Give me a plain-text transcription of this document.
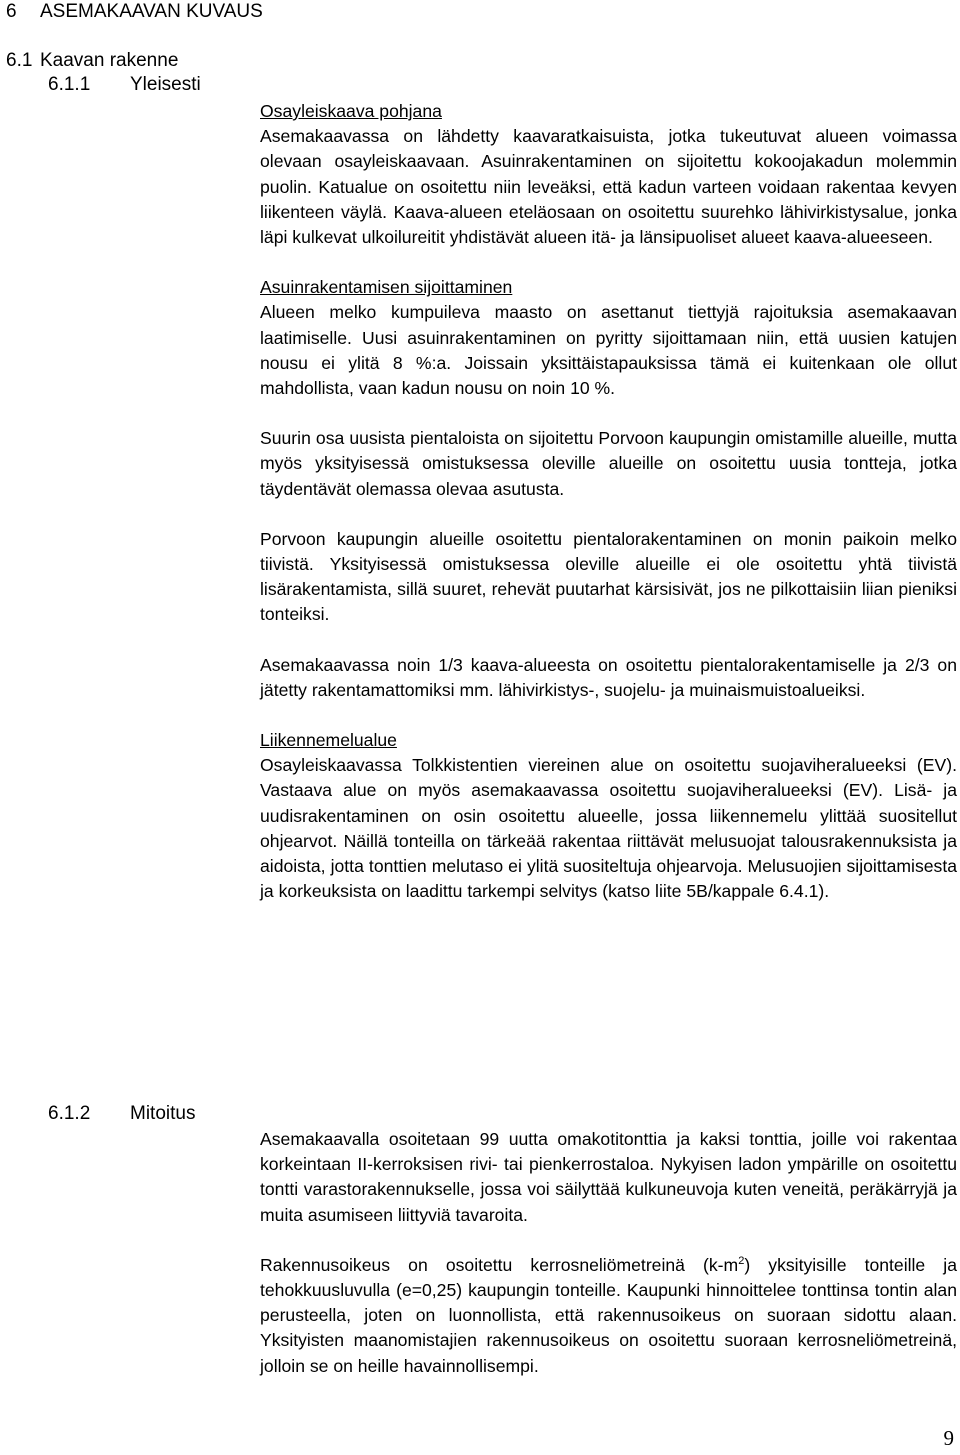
6 ASEMAKAAVAN KUVAUS
6.1 Kaavan rakenne
6.1.1 Yleisesti

Osayleiskaava pohjana
Asemakaavassa on lähdetty kaavaratkaisuista, jotka tukeutuvat alueen voimassa olevaan osayleiskaavaan. Asuinrakentaminen on sijoitettu kokoojakadun molemmin puolin. Katualue on osoitettu niin leveäksi, että kadun varteen voidaan rakentaa kevyen liikenteen väylä. Kaava-alueen eteläosaan on osoitettu suurehko lähivirkistysalue, jonka läpi kulkevat ulkoilureitit yhdistävät alueen itä- ja länsipuoliset alueet kaava-alueeseen.

Asuinrakentamisen sijoittaminen
Alueen melko kumpuileva maasto on asettanut tiettyjä rajoituksia asemakaavan laatimiselle. Uusi asuinrakentaminen on pyritty sijoittamaan niin, että uusien katujen nousu ei ylitä 8 %:a. Joissain yksittäistapauksissa tämä ei kuitenkaan ole ollut mahdollista, vaan kadun nousu on noin 10 %.

Suurin osa uusista pientaloista on sijoitettu Porvoon kaupungin omistamille alueille, mutta myös yksityisessä omistuksessa oleville alueille on osoitettu uusia tontteja, jotka täydentävät olemassa olevaa asutusta.

Porvoon kaupungin alueille osoitettu pientalorakentaminen on monin paikoin melko tiivistä. Yksityisessä omistuksessa oleville alueille ei ole osoitettu yhtä tiivistä lisärakentamista, sillä suuret, rehevät puutarhat kärsisivät, jos ne pilkottaisiin liian pieniksi tonteiksi.

Asemakaavassa noin 1/3 kaava-alueesta on osoitettu pientalorakentamiselle ja 2/3 on jätetty rakentamattomiksi mm. lähivirkistys-, suojelu- ja muinaismuistoalueiksi.

Liikennemelualue
Osayleiskaavassa Tolkkistentien viereinen alue on osoitettu suojaviheralueeksi (EV). Vastaava alue on myös asemakaavassa osoitettu suojaviheralueeksi (EV). Lisä- ja uudisrakentaminen on osin osoitettu alueelle, jossa liikennemelu ylittää suositellut ohjearvot. Näillä tonteilla on tärkeää rakentaa riittävät melusuojat talousrakennuksista ja aidoista, jotta tonttien melutaso ei ylitä suositeltuja ohjearvoja. Melusuojien sijoittamisesta ja korkeuksista on laadittu tarkempi selvitys (katso liite 5B/kappale 6.4.1).

6.1.2 Mitoitus

Asemakaavalla osoitetaan 99 uutta omakotitonttia ja kaksi tonttia, joille voi rakentaa korkeintaan II-kerroksisen rivi- tai pienkerrostaloa. Nykyisen ladon ympärille on osoitettu tontti varastorakennukselle, jossa voi säilyttää kulkuneuvoja kuten veneitä, peräkärryjä ja muita asumiseen liittyviä tavaroita.

Rakennusoikeus on osoitettu kerrosneliömetreinä $(k-m^2)$ yksityisille tonteille ja tehokkuusluvulla (e=0,25) kaupungin tonteille. Kaupunki hinnoittelee tonttinsa tontin alan perusteella, joten on luonnollista, että rakennusoikeus on suoraan sidottu alaan. Yksityisten maanomistajien rakennusoikeus on osoitettu suoraan kerrosneliömetreinä, jolloin se on heille havainnollisempi.

9
